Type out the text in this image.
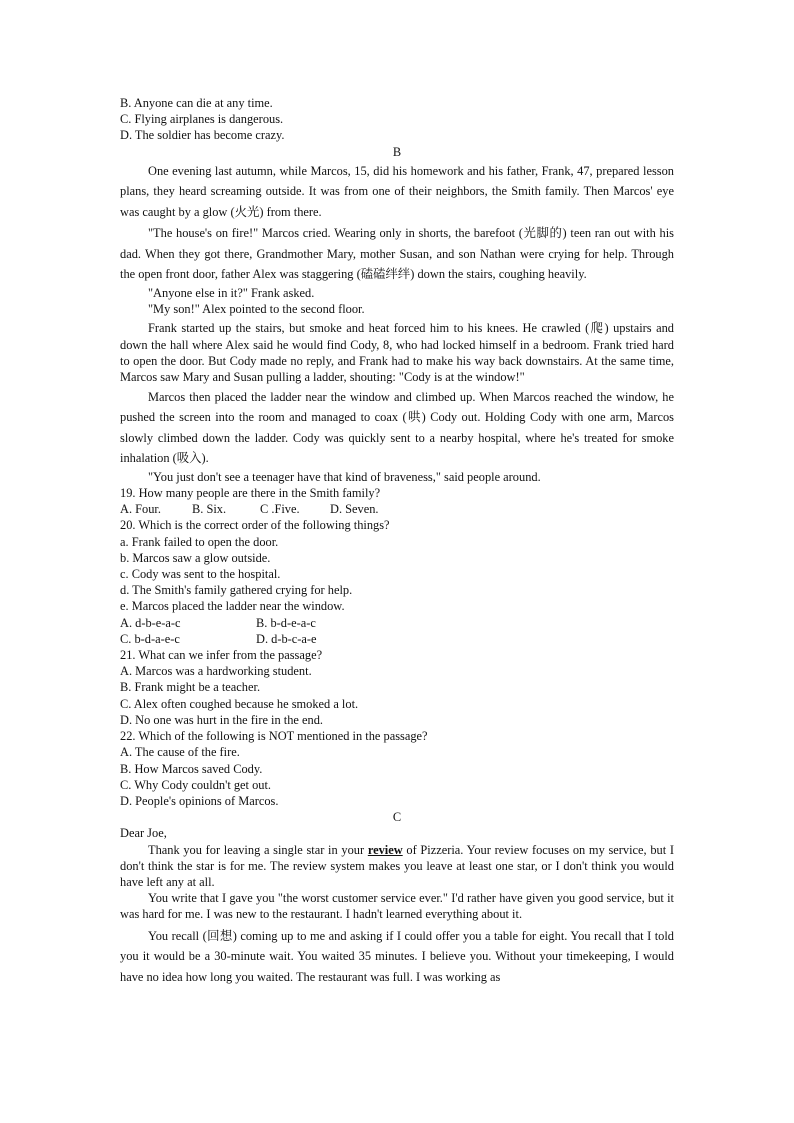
B. Anyone can die at any time.
C. Flying airplanes is dangerous.
D. The soldier has become crazy.
B

One evening last autumn, while Marcos, 15, did his homework and his father, Frank, 47, prepared lesson plans, they heard screaming outside. It was from one of their neighbors, the Smith family. Then Marcos' eye was caught by a glow (火光) from there.

"The house's on fire!" Marcos cried. Wearing only in shorts, the barefoot (光脚的) teen ran out with his dad. When they got there, Grandmother Mary, mother Susan, and son Nathan were crying for help. Through the open front door, father Alex was staggering (磕磕绊绊) down the stairs, coughing heavily.

"Anyone else in it?" Frank asked.

"My son!" Alex pointed to the second floor.

Frank started up the stairs, but smoke and heat forced him to his knees. He crawled (爬) upstairs and down the hall where Alex said he would find Cody, 8, who had locked himself in a bedroom. Frank tried hard to open the door. But Cody made no reply, and Frank had to make his way back downstairs. At the same time, Marcos saw Mary and Susan pulling a ladder, shouting: "Cody is at the window!"

Marcos then placed the ladder near the window and climbed up. When Marcos reached the window, he pushed the screen into the room and managed to coax (哄) Cody out. Holding Cody with one arm, Marcos slowly climbed down the ladder. Cody was quickly sent to a nearby hospital, where he's treated for smoke inhalation (吸入).

"You just don't see a teenager have that kind of braveness," said people around.

19. How many people are there in the Smith family?
A. Four.	B. Six.	C .Five. D. Seven.
20. Which is the correct order of the following things?
a. Frank failed to open the door.
b. Marcos saw a glow outside.
c. Cody was sent to the hospital.
d. The Smith's family gathered crying for help.
e. Marcos placed the ladder near the window.
A. d-b-e-a-c	B. b-d-e-a-c
C. b-d-a-e-c	D. d-b-c-a-e
21. What can we infer from the passage?
A. Marcos was a hardworking student.
B. Frank might be a teacher.
C. Alex often coughed because he smoked a lot.
D. No one was hurt in the fire in the end.
22. Which of the following is NOT mentioned in the passage?
A. The cause of the fire.
B. How Marcos saved Cody.
C. Why Cody couldn't get out.
D. People's opinions of Marcos.
C
Dear Joe,

Thank you for leaving a single star in your review of Pizzeria. Your review focuses on my service, but I don't think the star is for me. The review system makes you leave at least one star, or I don't think you would have left any at all.

You write that I gave you "the worst customer service ever." I'd rather have given you good service, but it was hard for me. I was new to the restaurant. I hadn't learned everything about it.

You recall (回想) coming up to me and asking if I could offer you a table for eight. You recall that I told you it would be a 30-minute wait. You waited 35 minutes. I believe you. Without your timekeeping, I would have no idea how long you waited. The restaurant was full. I was working as
